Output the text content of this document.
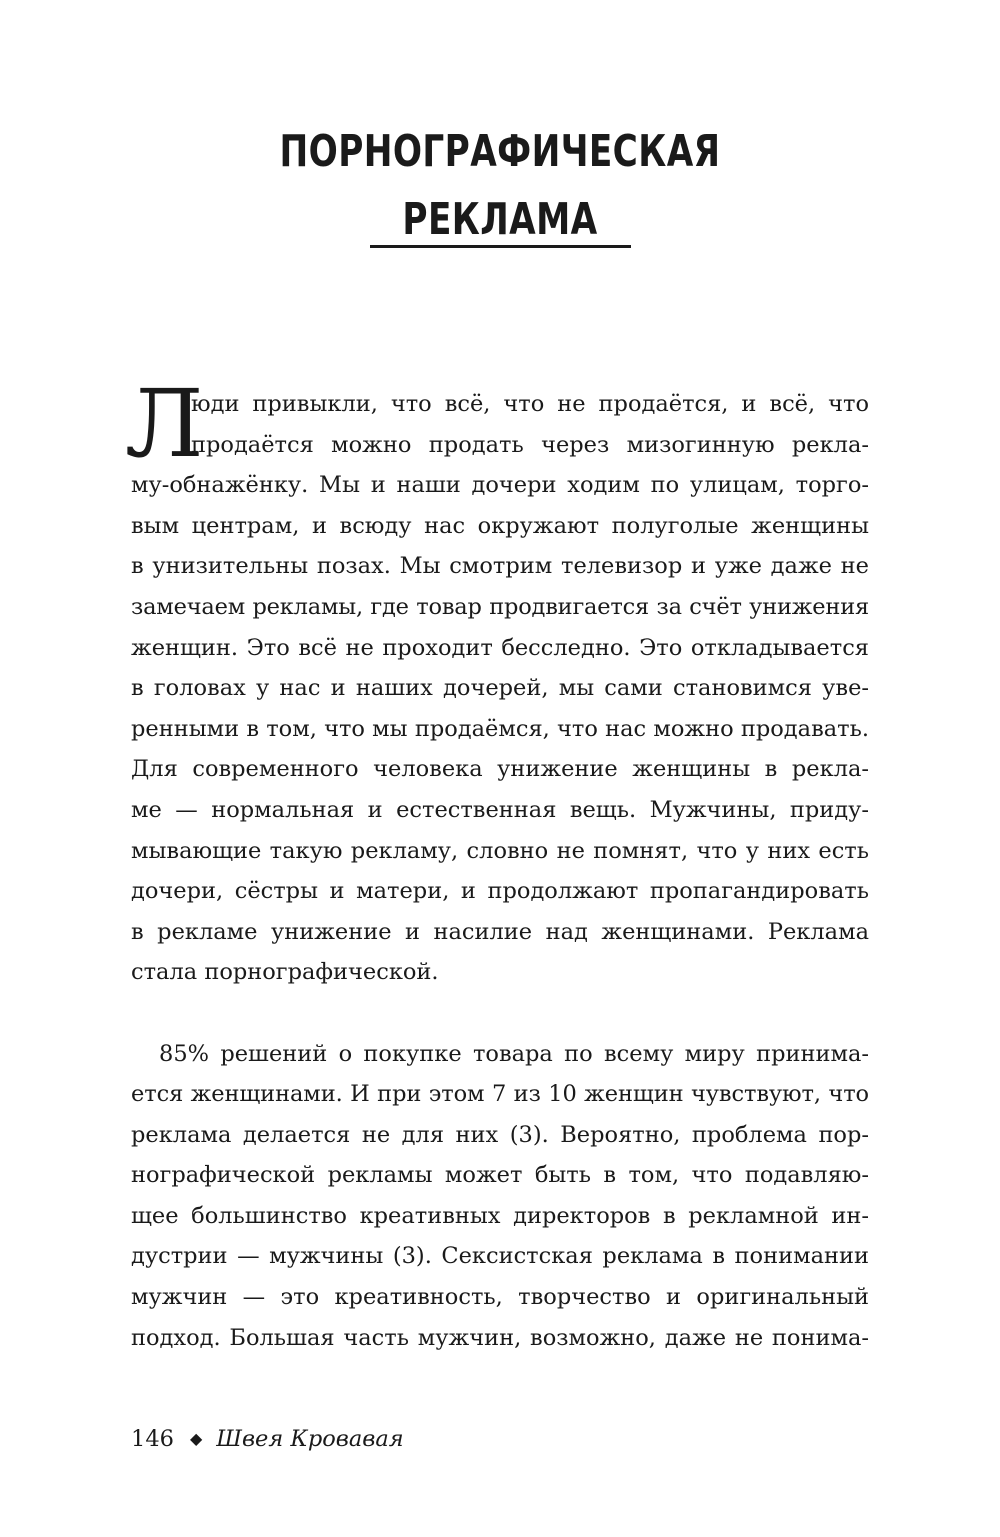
ПОРНОГРАФИЧЕСКАЯ
РЕКЛАМА
Л
юди привыкли, что всё, что не продаётся, и всё, что
продаётся можно продать через мизогинную рекла-
му-обнажёнку. Мы и наши дочери ходим по улицам, торго-
вым центрам, и всюду нас окружают полуголые женщины
в унизительны позах. Мы смотрим телевизор и уже даже не
замечаем рекламы, где товар продвигается за счёт унижения
женщин. Это всё не проходит бесследно. Это откладывается
в головах у нас и наших дочерей, мы сами становимся уве-
ренными в том, что мы продаёмся, что нас можно продавать.
Для современного человека унижение женщины в рекла-
ме — нормальная и естественная вещь. Мужчины, приду-
мывающие такую рекламу, словно не помнят, что у них есть
дочери, сёстры и матери, и продолжают пропагандировать
в рекламе унижение и насилие над женщинами. Реклама
стала порнографической.
85% решений о покупке товара по всему миру принима-
ется женщинами. И при этом 7 из 10 женщин чувствуют, что
реклама делается не для них (3). Вероятно, проблема пор-
нографической рекламы может быть в том, что подавляю-
щее большинство креативных директоров в рекламной ин-
дустрии — мужчины (3). Сексистская реклама в понимании
мужчин — это креативность, творчество и оригинальный
подход. Большая часть мужчин, возможно, даже не понима-
146 ◆ Швея Кровавая
